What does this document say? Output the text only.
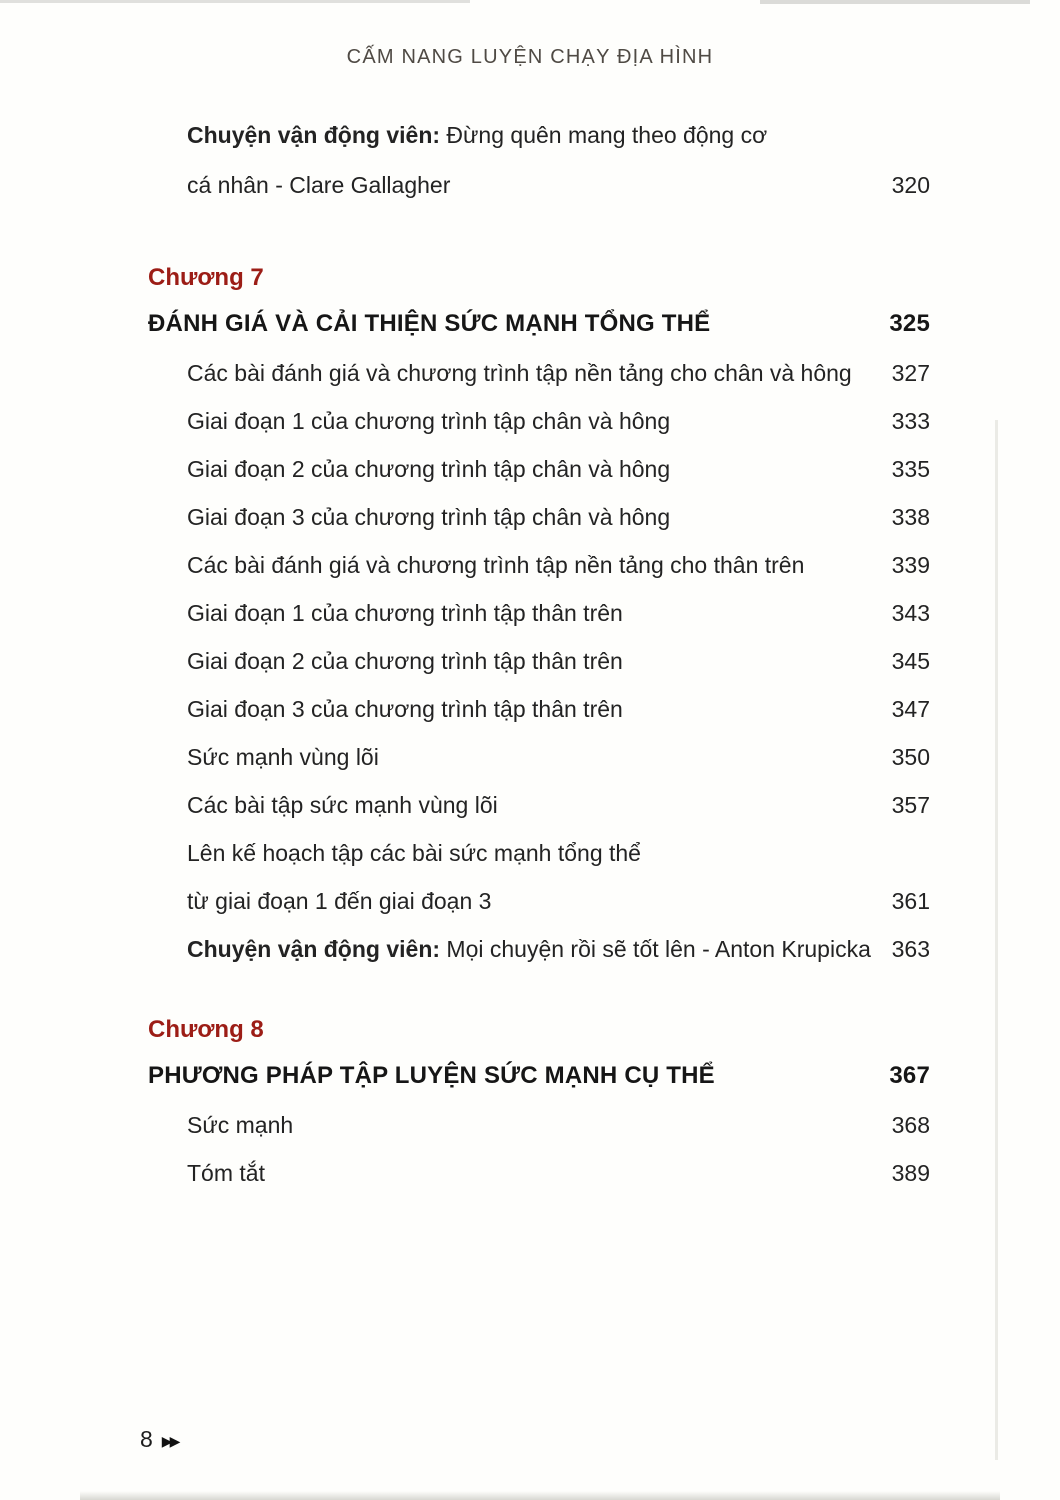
CẤM NANG LUYỆN CHẠY ĐỊA HÌNH
Chuyện vận động viên: Đừng quên mang theo động cơ
cá nhân - Clare Gallagher	320
Chương 7
ĐÁNH GIÁ VÀ CẢI THIỆN SỨC MẠNH TỔNG THỂ	325
Các bài đánh giá và chương trình tập nền tảng cho chân và hông	327
Giai đoạn 1 của chương trình tập chân và hông	333
Giai đoạn 2 của chương trình tập chân và hông	335
Giai đoạn 3 của chương trình tập chân và hông	338
Các bài đánh giá và chương trình tập nền tảng cho thân trên	339
Giai đoạn 1 của chương trình tập thân trên	343
Giai đoạn 2 của chương trình tập thân trên	345
Giai đoạn 3 của chương trình tập thân trên	347
Sức mạnh vùng lõi	350
Các bài tập sức mạnh vùng lõi	357
Lên kế hoạch tập các bài sức mạnh tổng thể
từ giai đoạn 1 đến giai đoạn 3	361
Chuyện vận động viên: Mọi chuyện rồi sẽ tốt lên - Anton Krupicka 363
Chương 8
PHƯƠNG PHÁP TẬP LUYỆN SỨC MẠNH CỤ THỂ	367
Sức mạnh	368
Tóm tắt	389
8 ▶▶
